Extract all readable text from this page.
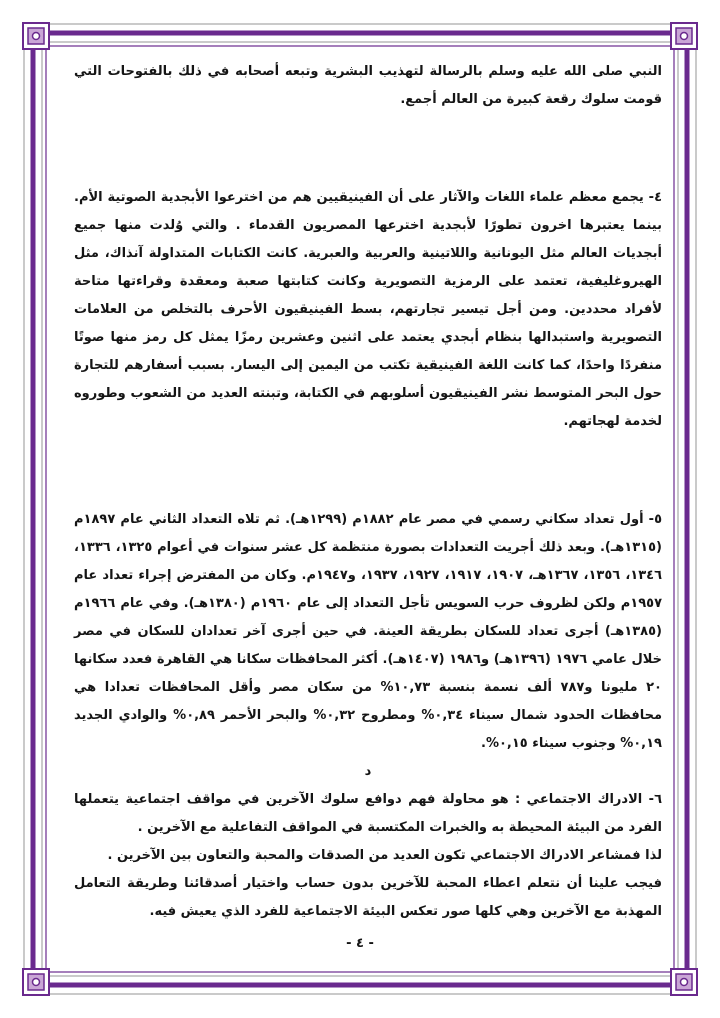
النبي صلى الله عليه وسلم بالرسالة لتهذيب البشرية وتبعه أصحابه في ذلك بالفتوحات التي قومت سلوك رقعة كبيرة من العالم أجمع.

٤- يجمع معظم علماء اللغات والآثار على أن الفينيقيين هم من اخترعوا الأبجدية الصوتية الأم. بينما يعتبرها اخرون تطورًا لأبجدية اخترعها المصريون القدماء . والتي وُلدت منها جميع أبجديات العالم مثل اليونانية واللاتينية والعربية والعبرية. كانت الكتابات المتداولة آنذاك، مثل الهيروغليفية، تعتمد على الرمزية التصويرية وكانت كتابتها صعبة ومعقدة وقراءتها متاحة لأفراد محددين. ومن أجل تيسير تجارتهم، بسط الفينيقيون الأحرف بالتخلص من العلامات التصويرية واستبدالها بنظام أبجدي يعتمد على اثنين وعشرين رمزًا يمثل كل رمز منها صوتًا منفردًا واحدًا، كما كانت اللغة الفينيقية تكتب من اليمين إلى اليسار. بسبب أسفارهم للتجارة حول البحر المتوسط نشر الفينيقيون أسلوبهم في الكتابة، وتبنته العديد من الشعوب وطوروه لخدمة لهجاتهم.

٥- أول تعداد سكاني رسمي في مصر عام ١٨٨٢م (١٢٩٩هـ). ثم تلاه التعداد الثاني عام ١٨٩٧م (١٣١٥هـ). وبعد ذلك أجريت التعدادات بصورة منتظمة كل عشر سنوات في أعوام ١٣٢٥، ١٣٣٦، ١٣٤٦، ١٣٥٦، ١٣٦٧هـ، ١٩٠٧، ١٩١٧، ١٩٢٧، ١٩٣٧، و١٩٤٧م. وكان من المفترض إجراء تعداد عام ١٩٥٧م ولكن لظروف حرب السويس تأجل التعداد إلى عام ١٩٦٠م (١٣٨٠هـ). وفي عام ١٩٦٦م (١٣٨٥هـ) أجرى تعداد للسكان بطريقة العينة. في حين أجرى آخر تعدادان للسكان في مصر خلال عامي ١٩٧٦ (١٣٩٦هـ) و١٩٨٦ (١٤٠٧هـ). أكثر المحافظات سكانا هي القاهرة فعدد سكانها ٢٠ مليونا و٧٨٧ ألف نسمة بنسبة ١٠,٧٣% من سكان مصر وأقل المحافظات تعدادا هي محافظات الحدود شمال سيناء ٠,٣٤% ومطروح ٠,٣٢% والبحر الأحمر ٠,٨٩% والوادي الجديد ٠,١٩% وجنوب سيناء ٠,١٥%.

د

٦- الادراك الاجتماعي : هو محاولة فهم دوافع سلوك الآخرين في مواقف اجتماعية يتعملها الفرد من البيئة المحيطة به والخبرات المكتسبة في المواقف التفاعلية مع الآخرين .

لذا فمشاعر الادراك الاجتماعي تكون العديد من الصدقات والمحبة والتعاون بين الآخرين .

فيجب علينا أن نتعلم اعطاء المحبة للآخرين بدون حساب واختيار أصدقائنا وطريقة التعامل المهذبة مع الآخرين وهي كلها صور تعكس البيئة الاجتماعية للفرد الذي يعيش فيه.

- ٤ -
